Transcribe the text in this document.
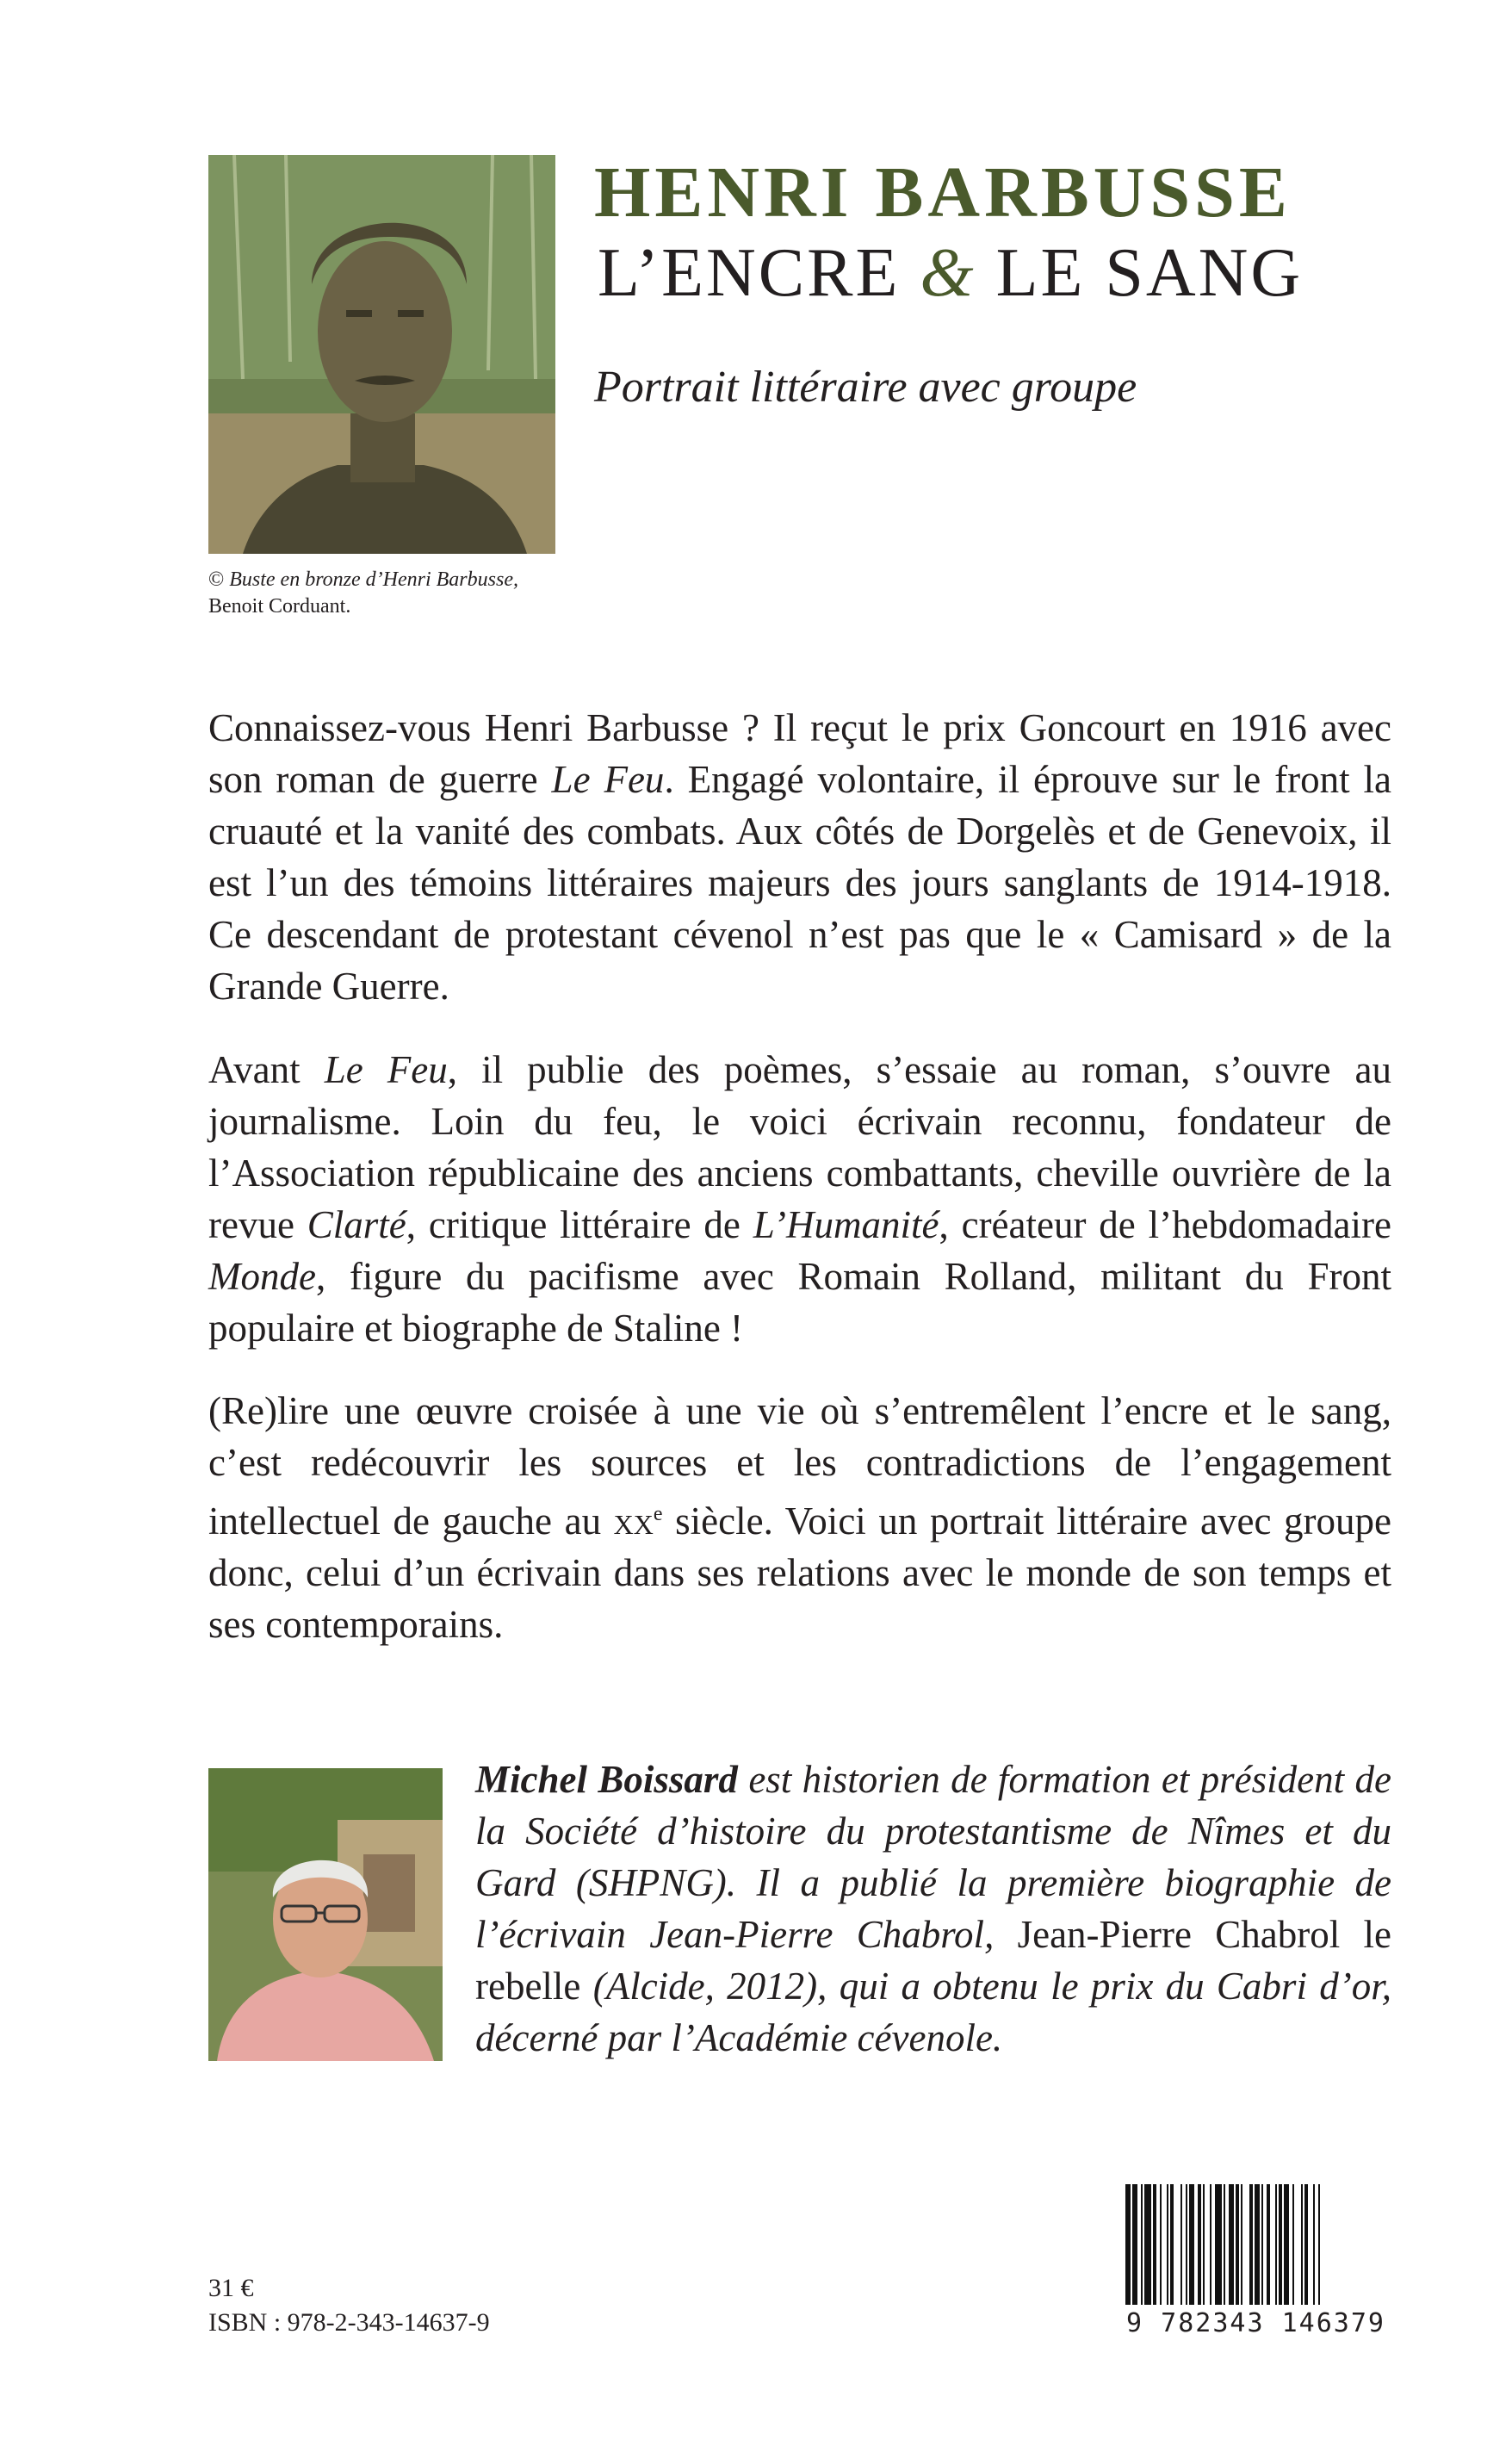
© Buste en bronze d’Henri Barbusse,
Benoit Corduant.
HENRI BARBUSSE
L’ENCRE & LE SANG
Portrait littéraire avec groupe
Connaissez-vous Henri Barbusse ? Il reçut le prix Goncourt en 1916 avec son roman de guerre Le Feu. Engagé volontaire, il éprouve sur le front la cruauté et la vanité des combats. Aux côtés de Dorgelès et de Genevoix, il est l’un des témoins littéraires majeurs des jours sanglants de 1914-1918. Ce descendant de protestant cévenol n’est pas que le « Camisard » de la Grande Guerre.
Avant Le Feu, il publie des poèmes, s’essaie au roman, s’ouvre au journalisme. Loin du feu, le voici écrivain reconnu, fondateur de l’Association républicaine des anciens combattants, cheville ouvrière de la revue Clarté, critique littéraire de L’Humanité, créateur de l’hebdomadaire Monde, figure du pacifisme avec Romain Rolland, militant du Front populaire et biographe de Staline !
(Re)lire une œuvre croisée à une vie où s’entremêlent l’encre et le sang, c’est redécouvrir les sources et les contradictions de l’engagement intellectuel de gauche au $xx^e$ siècle. Voici un portrait littéraire avec groupe donc, celui d’un écrivain dans ses relations avec le monde de son temps et ses contemporains.
Michel Boissard est historien de formation et président de la Société d’histoire du protestantisme de Nîmes et du Gard (SHPNG). Il a publié la première biographie de l’écrivain Jean-Pierre Chabrol, Jean-Pierre Chabrol le rebelle (Alcide, 2012), qui a obtenu le prix du Cabri d’or, décerné par l’Académie cévenole.
31 €
ISBN : 978-2-343-14637-9	9 782343 146379
